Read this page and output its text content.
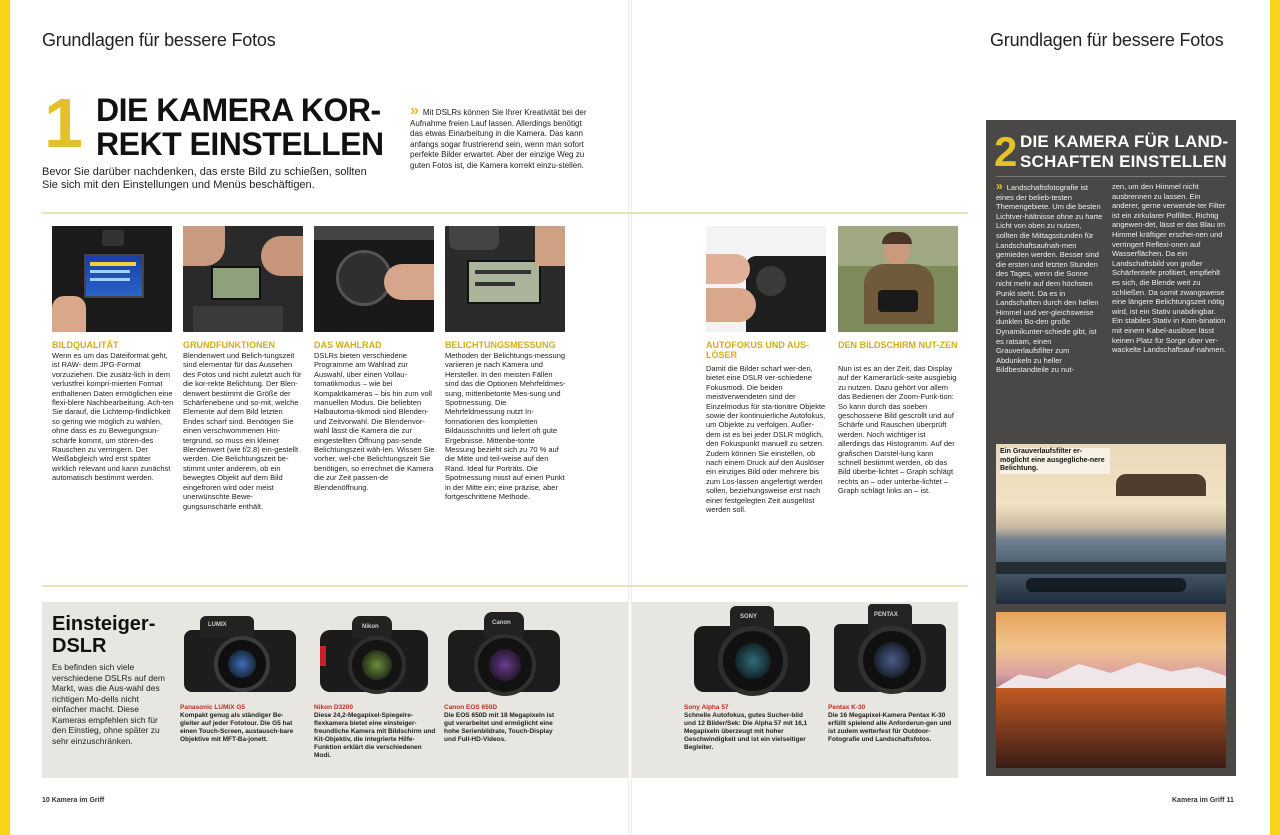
Grundlagen für bessere Fotos	Grundlagen für bessere Fotos
1 DIE KAMERA KOR-
REKT EINSTELLEN
Bevor Sie darüber nachdenken, das erste Bild zu schießen, sollten Sie sich mit den Einstellungen und Menüs beschäftigen.
» Mit DSLRs können Sie Ihrer Kreativität bei der Aufnahme freien Lauf lassen. Allerdings benötigt das etwas Einarbeitung in die Kamera. Das kann anfangs sogar frustrierend sein, wenn man sofort perfekte Bilder erwartet. Aber der einzige Weg zu guten Fotos ist, die Kamera korrekt einzu-stellen.
BILDQUALITÄT
Wenn es um das Dateiformat geht, ist RAW- dem JPG-Format vorzuziehen. Die zusätz-lich in dem verlustfrei kompri-mierten Format enthaltenen Daten ermöglichen eine flexi-blere Nachbearbeitung. Ach-ten Sie darauf, die Lichtemp-findlichkeit so gering wie möglich zu wählen, ohne dass es zu Bewegungsun-schärfe kommt, um stören-des Rauschen zu verringern. Der Weißabgleich wird erst später wirklich relevant und kann zunächst automatisch bestimmt werden.
GRUNDFUNKTIONEN
Blendenwert und Belich-tungszeit sind elementar für das Aussehen des Fotos und nicht zuletzt auch für die kor-rekte Belichtung. Der Blen-denwert bestimmt die Größe der Schärfenebene und so-mit, welche Elemente auf dem Bild letzten Endes scharf sind. Benötigen Sie einen verschwommenen Hin-tergrund, so muss ein kleiner Blendenwert (wie f/2.8) ein-gestellt werden. Die Belichtungszeit be-stimmt unter anderem, ob ein bewegtes Objekt auf dem Bild eingefroren wird oder meist unerwünschte Bewe-gungsunschärfe enthält.
DAS WAHLRAD
DSLRs bieten verschiedene Programme am Wahlrad zur Auswahl, über einen Vollau-tomatikmodus – wie bei Kompaktkameras – bis hin zum voll manuellen Modus. Die beliebten Halbautoma-tikmodi sind Blenden- und Zeitvorwahl. Die Blendenvor-wahl lässt die Kamera die zur eingestellten Öffnung pas-sende Belichtungszeit wäh-len. Wissen Sie vorher, wel-che Belichtungszeit Sie benötigen, so errechnet die Kamera die zur Zeit passen-de Blendenöffnung.
BELICHTUNGSMESSUNG
Methoden der Belichtungs-messung variieren je nach Kamera und Hersteller. In den meisten Fällen sind das die Optionen Mehrfeldmes-sung, mittenbetonte Mes-sung und Spotmessung. Die Mehrfeldmessung nutzt In-formationen des kompletten Bildausschnitts und liefert oft gute Ergebnisse. Mittenbe-tonte Messung bezieht sich zu 70 % auf die Mitte und teil-weise auf den Rand. Ideal für Porträts. Die Spotmessung misst auf einen Punkt in der Mitte ein; eine präzise, aber fortgeschrittene Methode.
AUTOFOKUS UND AUS-LÖSER
Damit die Bilder scharf wer-den, bietet eine DSLR ver-schiedene Fokusmodi. Die beiden meistverwendeten sind der Einzelmodus für sta-tionäre Objekte sowie der kontinuierliche Autofokus, um Objekte zu verfolgen. Außer-dem ist es bei jeder DSLR möglich, den Fokuspunkt manuell zu setzen. Zudem können Sie einstellen, ob nach einem Druck auf den Auslöser ein einziges Bild oder mehrere bis zum Los-lassen angefertigt werden sollen, beziehungsweise erst nach einer festgelegten Zeit ausgelöst werden soll.
DEN BILDSCHIRM NUT-ZEN
Nun ist es an der Zeit, das Display auf der Kamerarück-seite ausgiebig zu nutzen. Dazu gehört vor allem das Bedienen der Zoom-Funk-tion: So kann durch das soeben geschossene Bild gescrollt und auf Schärfe und Rauschen überprüft werden. Noch wichtiger ist allerdings das Histogramm. Auf der grafischen Darstel-lung kann schnell bestimmt werden, ob das Bild überbe-lichtet – Graph schlägt rechts an – oder unterbe-lichtet – Graph schlägt links an – ist.
Einsteiger-
DSLR
Es befinden sich viele verschiedene DSLRs auf dem Markt, was die Aus-wahl des richtigen Mo-dells nicht einfacher macht. Diese Kameras empfehlen sich für den Einstieg, ohne später zu sehr einzuschränken.
LUMIX
Panasonic LUMIX G5
Kompakt genug als ständiger Be-gleiter auf jeder Fototour. Die G5 hat einen Touch-Screen, austausch-bare Objektive mit MFT-Ba-jonett.
Nikon
Nikon D3200
Diese 24,2-Megapixel-Spiegelre-flexkamera bietet eine einsteiger-freundliche Kamera mit Bildschirm und Kit-Objektiv, die integrierte Hilfe-Funktion erklärt die verschiedenen Modi.
Canon
Canon EOS 650D
Die EOS 650D mit 18 Megapixeln ist gut verarbeitet und ermöglicht eine hohe Serienbildrate, Touch-Display und Full-HD-Videos.
SONY
Sony Alpha 57
Schnelle Autofokus, gutes Sucher-bild und 12 Bilder/Sek: Die Alpha 57 mit 16,1 Megapixeln überzeugt mit hoher Geschwindigkeit und ist ein vielseitiger Begleiter.
PENTAX
Pentax K-30
Die 16 Megapixel-Kamera Pentax K-30 erfüllt spielend alle Anforderun-gen und ist zudem wetterfest für Outdoor-Fotografie und Landschaftsfotos.
2 DIE KAMERA FÜR LAND-
SCHAFTEN EINSTELLEN
» Landschaftsfotografie ist eines der belieb-testen Themengebiete. Um die besten Lichtver-hältnisse ohne zu harte Licht von oben zu nutzen, sollten die Mittagsstunden für Landschaftsaufnah-men gemieden werden. Besser sind die ersten und letzten Stunden des Tages, wenn die Sonne nicht mehr auf dem höchsten Punkt steht. Da es in Landschaften durch den hellen Himmel und ver-gleichsweise dunklen Bo-den große Dynamikunter-schiede gibt, ist es ratsam, einen Grauverlaufsfilter zum Abdunkeln zu heller Bildbestandteile zu nut-
zen, um den Himmel nicht ausbrennen zu lassen. Ein anderer, gerne verwende-ter Filter ist ein zirkularer Polfilter. Richtig angewen-det, lässt er das Blau im Himmel kräftiger erschei-nen und verringert Reflexi-onen auf Wasserflächen. Da ein Landschaftsbild von großer Schärfentiefe profitiert, empfiehlt es sich, die Blende weit zu schließen. Da somit zwangsweise eine längere Belichtungszeit nötig wird, ist ein Stativ unabdingbar. Ein stabiles Stativ in Kom-bination mit einem Kabel-auslöser lässt keinen Platz für Sorge über ver-wackelte Landschaftsauf-nahmen.
Ein Grauverlaufsfilter er-möglicht eine ausgegliche-nere Belichtung.
10 Kamera im Griff	Kamera im Griff 11
